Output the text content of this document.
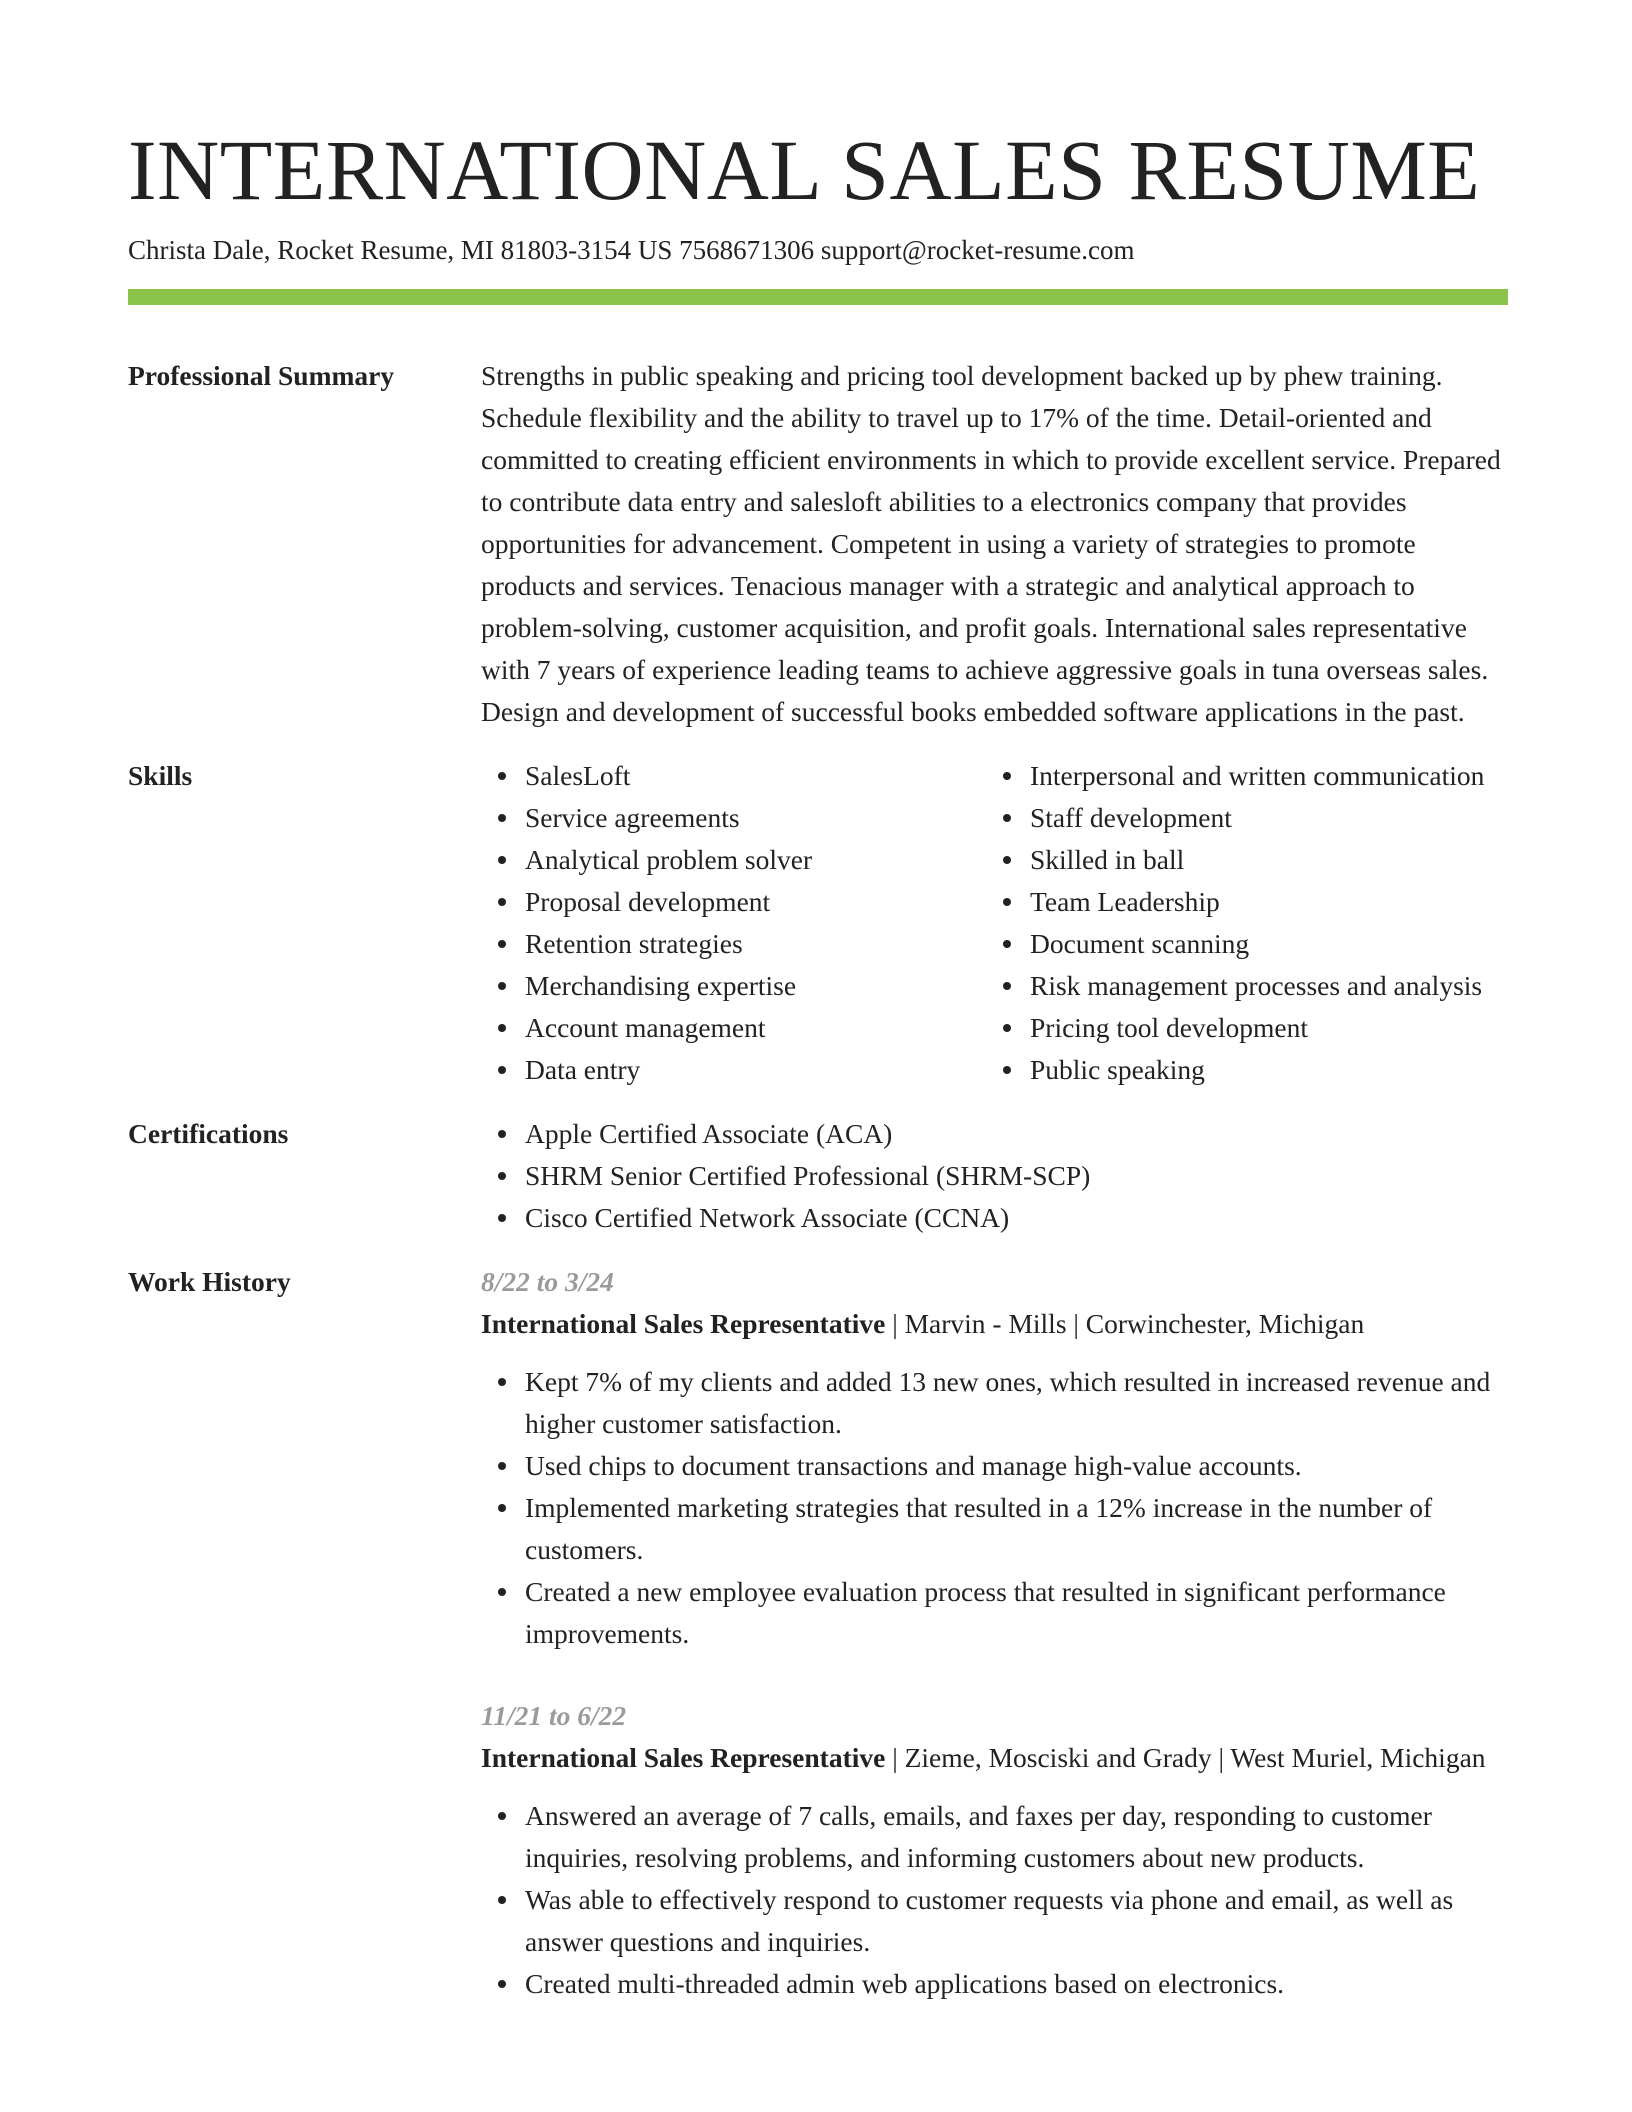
INTERNATIONAL SALES RESUME
Christa Dale, Rocket Resume, MI 81803-3154 US 7568671306 support@rocket-resume.com
Professional Summary	Strengths in public speaking and pricing tool development backed up by phew training. Schedule flexibility and the ability to travel up to 17% of the time. Detail-oriented and committed to creating efficient environments in which to provide excellent service. Prepared to contribute data entry and salesloft abilities to a electronics company that provides opportunities for advancement. Competent in using a variety of strategies to promote products and services. Tenacious manager with a strategic and analytical approach to problem-solving, customer acquisition, and profit goals. International sales representative with 7 years of experience leading teams to achieve aggressive goals in tuna overseas sales. Design and development of successful books embedded software applications in the past.

Skills	SalesLoft
Service agreements
Analytical problem solver
Proposal development
Retention strategies
Merchandising expertise
Account management
Data entry
Interpersonal and written communication
Staff development
Skilled in ball
Team Leadership
Document scanning
Risk management processes and analysis
Pricing tool development
Public speaking
Certifications	Apple Certified Associate (ACA)
SHRM Senior Certified Professional (SHRM-SCP)
Cisco Certified Network Associate (CCNA)
Work History	8/22 to 3/24
International Sales Representative | Marvin - Mills | Corwinchester, Michigan
Kept 7% of my clients and added 13 new ones, which resulted in increased revenue and higher customer satisfaction.
Used chips to document transactions and manage high-value accounts.
Implemented marketing strategies that resulted in a 12% increase in the number of customers.
Created a new employee evaluation process that resulted in significant performance improvements.
11/21 to 6/22
International Sales Representative | Zieme, Mosciski and Grady | West Muriel, Michigan
Answered an average of 7 calls, emails, and faxes per day, responding to customer inquiries, resolving problems, and informing customers about new products.
Was able to effectively respond to customer requests via phone and email, as well as answer questions and inquiries.
Created multi-threaded admin web applications based on electronics.
